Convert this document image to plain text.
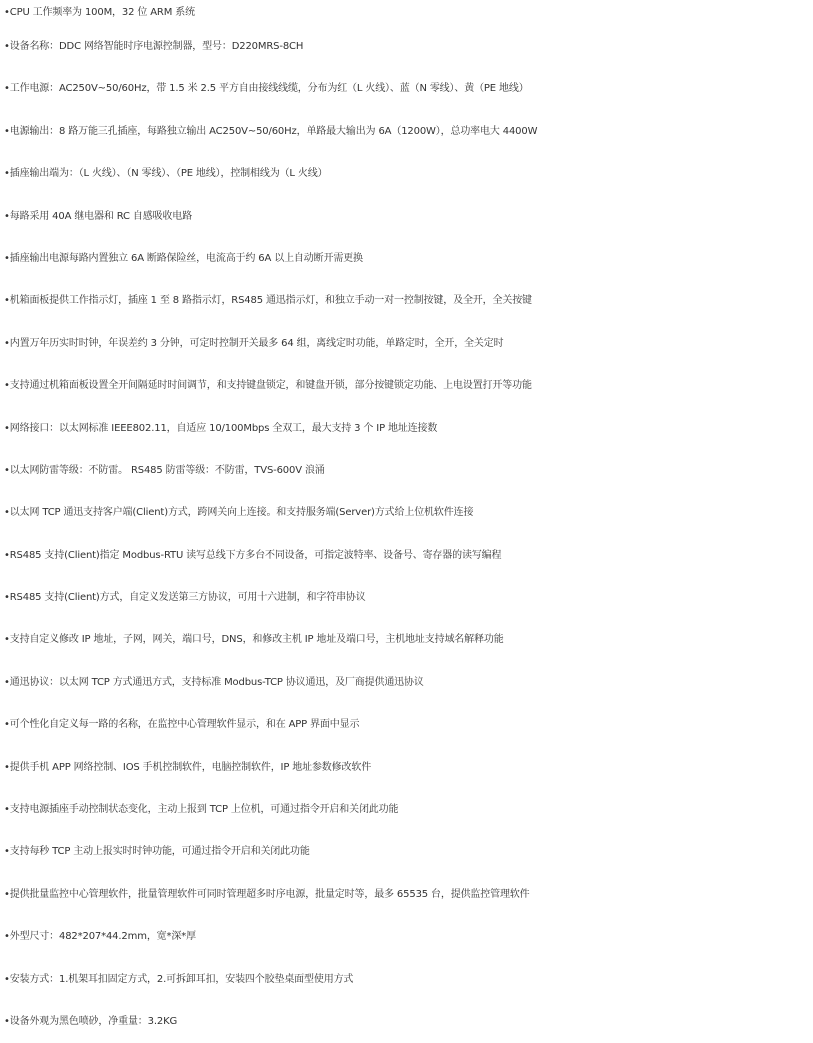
•CPU 工作频率为 100M，32 位 ARM 系统
•设备名称：DDC 网络智能时序电源控制器，型号：D220MRS-8CH
•工作电源：AC250V~50/60Hz，带 1.5 米 2.5 平方自由接线线缆，分布为红（L 火线）、蓝（N 零线）、黄（PE 地线）
•电源输出：8 路万能三孔插座，每路独立输出 AC250V~50/60Hz，单路最大输出为 6A（1200W），总功率电大 4400W
•插座输出端为：（L 火线）、（N 零线）、（PE 地线），控制相线为（L 火线）
•每路采用 40A 继电器和 RC 自感吸收电路
•插座输出电源每路内置独立 6A 断路保险丝，电流高于约 6A 以上自动断开需更换
•机箱面板提供工作指示灯，插座 1 至 8 路指示灯，RS485 通迅指示灯，和独立手动一对一控制按键，及全开，全关按键
•内置万年历实时时钟，年误差约 3 分钟，可定时控制开关最多 64 组，离线定时功能，单路定时，全开，全关定时
•支持通过机箱面板设置全开间隔延时时间调节，和支持键盘锁定，和键盘开锁，部分按键锁定功能、上电设置打开等功能
•网络接口：以太网标准 IEEE802.11，自适应 10/100Mbps 全双工，最大支持 3 个 IP 地址连接数
•以太网防雷等级：不防雷。 RS485 防雷等级：不防雷，TVS-600V 浪涌
•以太网 TCP 通迅支持客户端(Client)方式，跨网关向上连接。和支持服务端(Server)方式给上位机软件连接
•RS485 支持(Client)指定 Modbus-RTU 读写总线下方多台不同设备，可指定波特率、设备号、寄存器的读写编程
•RS485 支持(Client)方式，自定义发送第三方协议，可用十六进制，和字符串协议
•支持自定义修改 IP 地址，子网，网关，端口号，DNS，和修改主机 IP 地址及端口号，主机地址支持域名解释功能
•通迅协议：以太网 TCP 方式通迅方式，支持标准 Modbus-TCP 协议通迅，及厂商提供通迅协议
•可个性化自定义每一路的名称，在监控中心管理软件显示，和在 APP 界面中显示
•提供手机 APP 网络控制、IOS 手机控制软件，电脑控制软件，IP 地址参数修改软件
•支持电源插座手动控制状态变化，主动上报到 TCP 上位机，可通过指令开启和关闭此功能
•支持每秒 TCP 主动上报实时时钟功能，可通过指令开启和关闭此功能
•提供批量监控中心管理软件，批量管理软件可同时管理超多时序电源，批量定时等，最多 65535 台，提供监控管理软件
•外型尺寸：482*207*44.2mm，宽*深*厚
•安装方式：1.机架耳扣固定方式，2.可拆卸耳扣，安装四个胶垫桌面型使用方式
•设备外观为黑色喷砂，净重量：3.2KG
